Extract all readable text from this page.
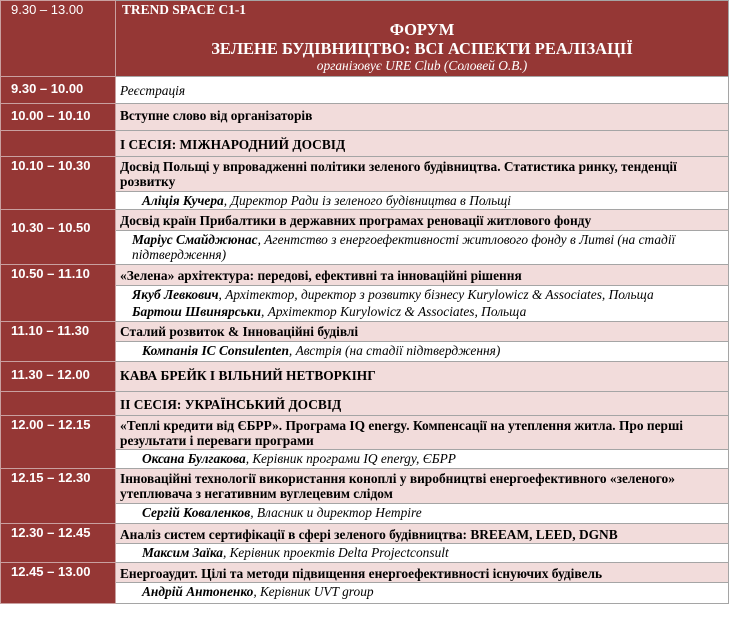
9.30 – 13.00	TREND SPACE C1-1
ФОРУМ
ЗЕЛЕНЕ БУДІВНИЦТВО: ВСІ АСПЕКТИ РЕАЛІЗАЦІЇ
організовує URE Club (Соловей О.В.)

9.30 – 10.00	Реєстрація

10.00 – 10.10	Вступне слово від організаторів

	І СЕСІЯ: МІЖНАРОДНИЙ ДОСВІД

10.10 – 10.30	Досвід Польщі у впровадженні політики зеленого будівництва. Статистика ринку, тенденції розвитку

	Аліція Кучера, Директор Ради із зеленого будівництва в Польщі

10.30 – 10.50	Досвід країн Прибалтики в державних програмах реновації житлового фонду

	Маріус Смайджюнас, Агентство з енергоефективності житлового фонду в Литві (на стадії підтвердження)

10.50 – 11.10	«Зелена» архітектура: передові, ефективні та інноваційні рішення

	Якуб Левкович, Архітектор, директор з розвитку бізнесу Kurylowicz & Associates, Польща
Бартош Швинярськи, Архітектор Kurylowicz & Associates, Польща

11.10 – 11.30	Сталий розвиток & Інноваційні будівлі

	Компанія IC Consulenten, Австрія (на стадії підтвердження)

11.30 – 12.00	КАВА БРЕЙК І ВІЛЬНИЙ НЕТВОРКІНГ

	ІІ СЕСІЯ: УКРАЇНСЬКИЙ ДОСВІД

12.00 – 12.15	«Теплі кредити від ЄБРР». Програма IQ energy. Компенсації на утеплення житла. Про перші результати і переваги програми

	Оксана Булгакова, Керівник програми IQ energy, ЄБРР

12.15 – 12.30	Інноваційні технології використання коноплі у виробництві енергоефективного «зеленого» утеплювача з негативним вуглецевим слідом

	Сергій Коваленков, Власник и директор Hempire

12.30 – 12.45	Аналіз систем сертифікації в сфері зеленого будівництва: BREEAM, LEED, DGNB

	Максим Заїка, Керівник проектів Delta Projectconsult

12.45 – 13.00	Енергоаудит. Цілі та методи підвищення енергоефективності існуючих будівель

	Андрій Антоненко, Керівник UVT group
